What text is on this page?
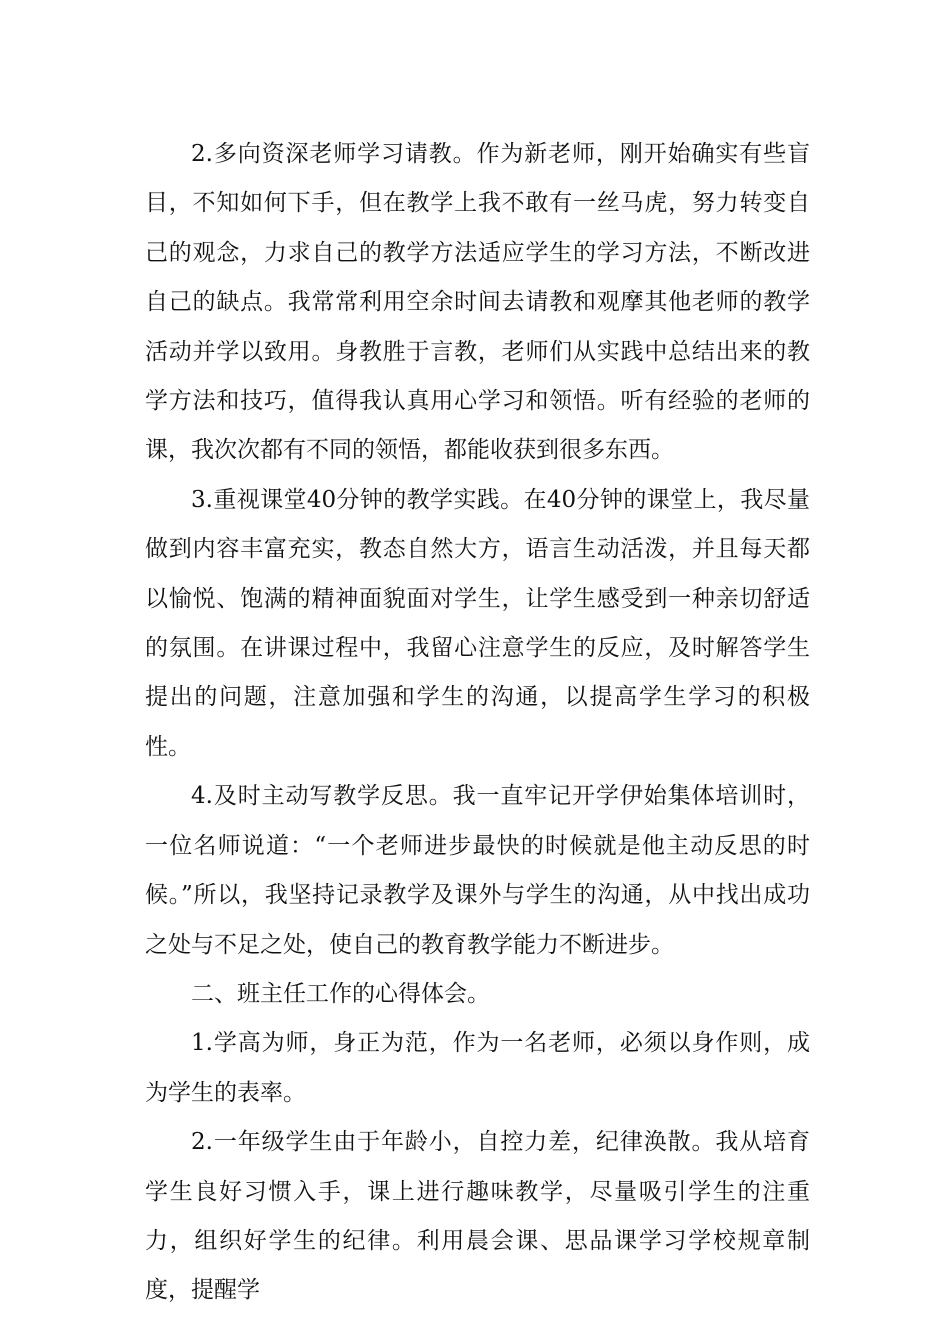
2.多向资深老师学习请教。作为新老师，刚开始确实有些盲目，不知如何下手，但在教学上我不敢有一丝马虎，努力转变自己的观念，力求自己的教学方法适应学生的学习方法，不断改进自己的缺点。我常常利用空余时间去请教和观摩其他老师的教学活动并学以致用。身教胜于言教，老师们从实践中总结出来的教学方法和技巧，值得我认真用心学习和领悟。听有经验的老师的课，我次次都有不同的领悟，都能收获到很多东西。

3.重视课堂40分钟的教学实践。在40分钟的课堂上，我尽量做到内容丰富充实，教态自然大方，语言生动活泼，并且每天都以愉悦、饱满的精神面貌面对学生，让学生感受到一种亲切舒适的氛围。在讲课过程中，我留心注意学生的反应，及时解答学生提出的问题，注意加强和学生的沟通，以提高学生学习的积极性。

4.及时主动写教学反思。我一直牢记开学伊始集体培训时，一位名师说道：“一个老师进步最快的时候就是他主动反思的时候。”所以，我坚持记录教学及课外与学生的沟通，从中找出成功之处与不足之处，使自己的教育教学能力不断进步。

二、班主任工作的心得体会。

1.学高为师，身正为范，作为一名老师，必须以身作则，成为学生的表率。

2.一年级学生由于年龄小，自控力差，纪律涣散。我从培育学生良好习惯入手，课上进行趣味教学，尽量吸引学生的注重力，组织好学生的纪律。利用晨会课、思品课学习学校规章制度，提醒学
